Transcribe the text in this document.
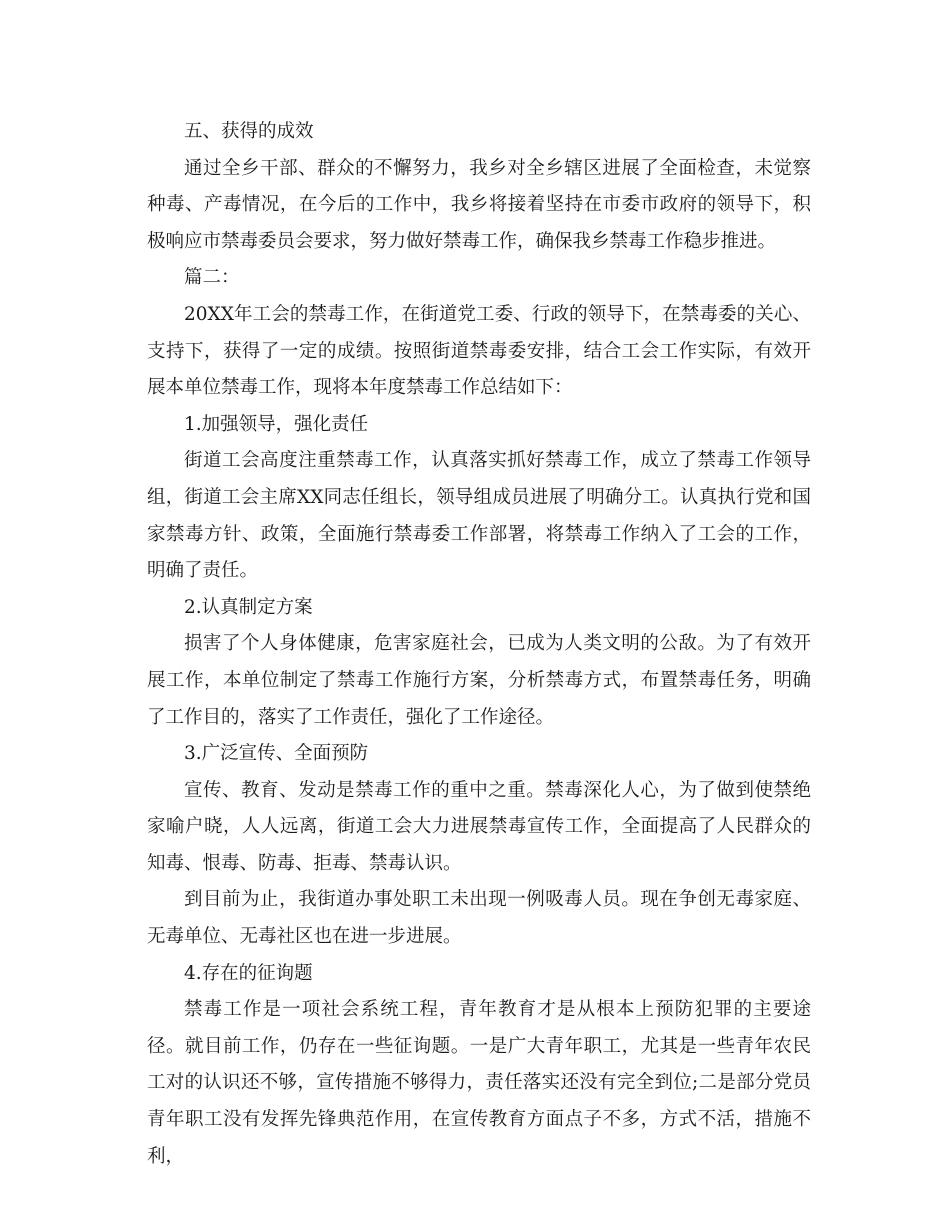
五、获得的成效

通过全乡干部、群众的不懈努力，我乡对全乡辖区进展了全面检查，未觉察种毒、产毒情况，在今后的工作中，我乡将接着坚持在市委市政府的领导下，积极响应市禁毒委员会要求，努力做好禁毒工作，确保我乡禁毒工作稳步推进。

篇二：

20XX年工会的禁毒工作，在街道党工委、行政的领导下，在禁毒委的关心、支持下，获得了一定的成绩。按照街道禁毒委安排，结合工会工作实际，有效开展本单位禁毒工作，现将本年度禁毒工作总结如下：

1.加强领导，强化责任

街道工会高度注重禁毒工作，认真落实抓好禁毒工作，成立了禁毒工作领导组，街道工会主席XX同志任组长，领导组成员进展了明确分工。认真执行党和国家禁毒方针、政策，全面施行禁毒委工作部署，将禁毒工作纳入了工会的工作，明确了责任。

2.认真制定方案

损害了个人身体健康，危害家庭社会，已成为人类文明的公敌。为了有效开展工作，本单位制定了禁毒工作施行方案，分析禁毒方式，布置禁毒任务，明确了工作目的，落实了工作责任，强化了工作途径。

3.广泛宣传、全面预防

宣传、教育、发动是禁毒工作的重中之重。禁毒深化人心，为了做到使禁绝家喻户晓，人人远离，街道工会大力进展禁毒宣传工作，全面提高了人民群众的知毒、恨毒、防毒、拒毒、禁毒认识。

到目前为止，我街道办事处职工未出现一例吸毒人员。现在争创无毒家庭、无毒单位、无毒社区也在进一步进展。

4.存在的征询题

禁毒工作是一项社会系统工程，青年教育才是从根本上预防犯罪的主要途径。就目前工作，仍存在一些征询题。一是广大青年职工，尤其是一些青年农民工对的认识还不够，宣传措施不够得力，责任落实还没有完全到位;二是部分党员青年职工没有发挥先锋典范作用，在宣传教育方面点子不多，方式不活，措施不利，
